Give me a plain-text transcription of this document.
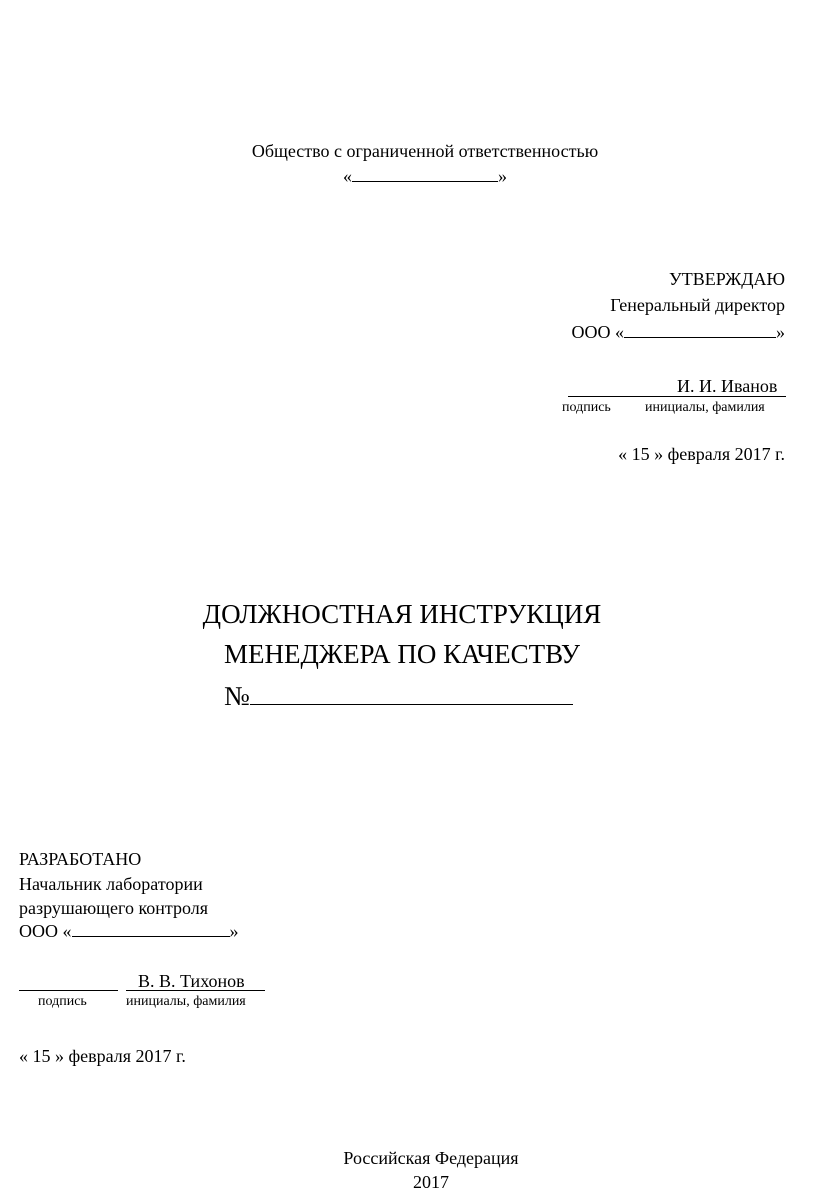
Общество с ограниченной ответственностью
«	»
УТВЕРЖДАЮ
Генеральный директор
ООО «	»
И. И. Иванов
подпись инициалы, фамилия
« 15 » февраля 2017 г.
ДОЛЖНОСТНАЯ ИНСТРУКЦИЯ
МЕНЕДЖЕРА ПО КАЧЕСТВУ
№
РАЗРАБОТАНО
Начальник лаборатории
разрушающего контроля
ООО «	»
В. В. Тихонов
подпись	инициалы, фамилия
« 15 » февраля 2017 г.
Российская Федерация
2017
